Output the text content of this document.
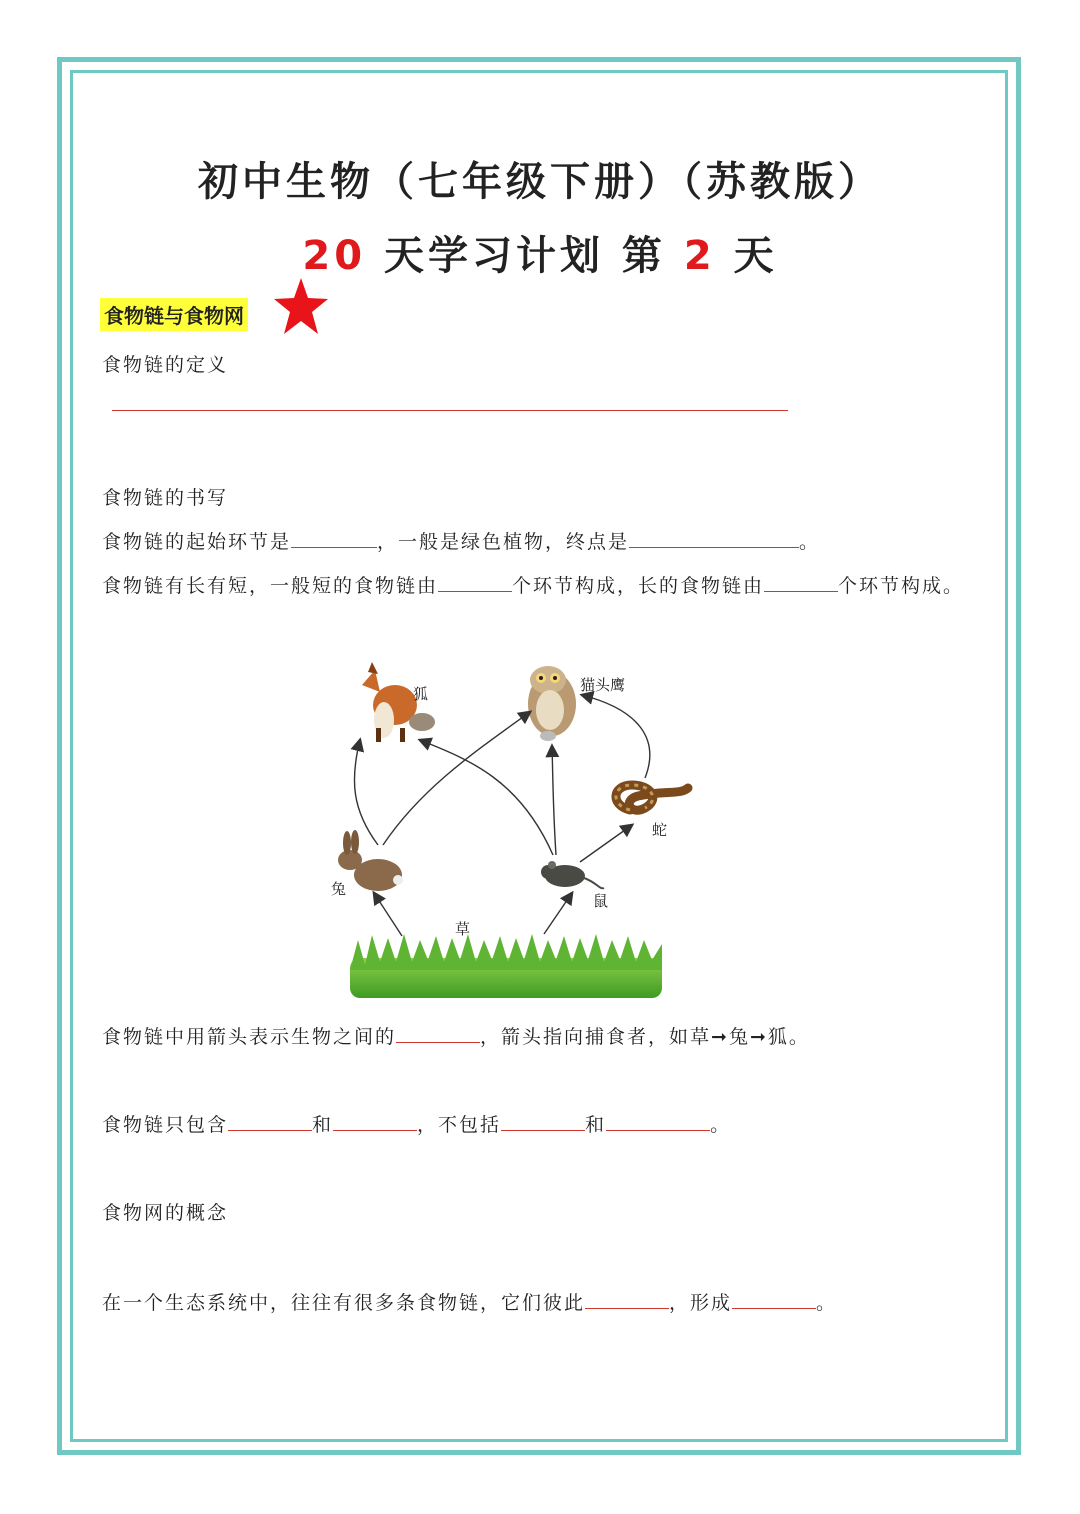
初中生物（七年级下册）（苏教版）
20 天学习计划 第 2 天
食物链与食物网
食物链的定义
食物链的书写
食物链的起始环节是	，一般是绿色植物，终点是	。
食物链有长有短，一般短的食物链由	个环节构成，长的食物链由	个环节构成。
狐	猫头鹰
蛇
兔
鼠
草
食物链中用箭头表示生物之间的	，箭头指向捕食者，如草➞兔➞狐。
食物链只包含	和	，不包括	和	。
食物网的概念
在一个生态系统中，往往有很多条食物链，它们彼此	，形成	。
